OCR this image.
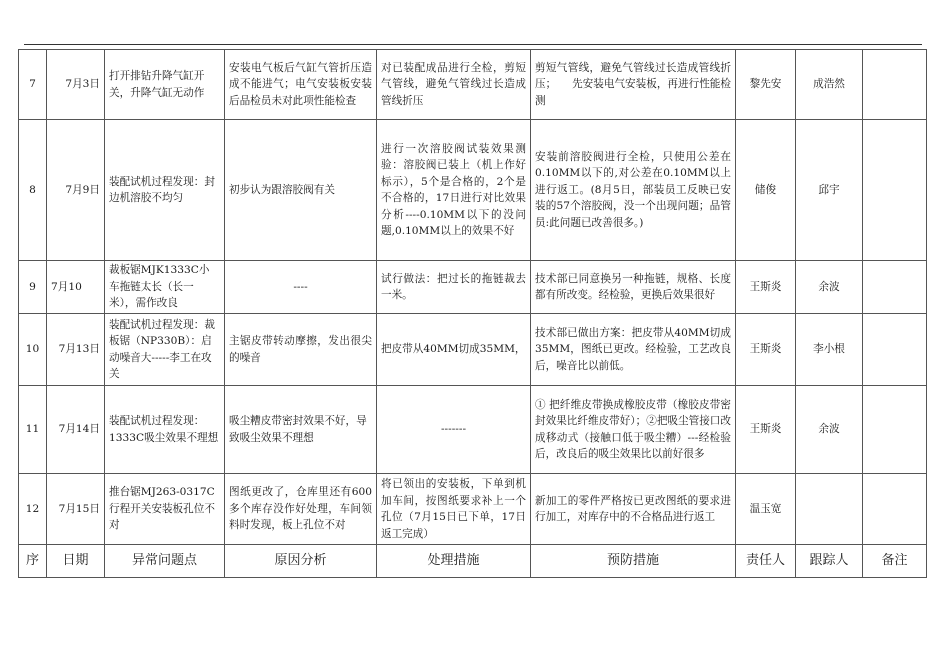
7	7月3日	打开排钻升降气缸开关，升降气缸无动作	安装电气板后气缸气管折压造成不能进气；电气安装板安装后品检员未对此项性能检查	对已装配成品进行全检，剪短气管线，避免气管线过长造成管线折压	剪短气管线，避免气管线过长造成管线折压；　　先安装电气安装板，再进行性能检测	黎先安	成浩然	
8	7月9日	装配试机过程发现：封边机溶胶不均匀	初步认为跟溶胶阀有关	进行一次溶胶阀试装效果测验：溶胶阀已装上（机上作好标示），5个是合格的，2个是不合格的，17日进行对比效果分析----0.10MM以下的没问题,0.10MM以上的效果不好	安装前溶胶阀进行全检，只使用公差在0.10MM以下的,对公差在0.10MM以上进行返工。(8月5日，部装员工反映已安装的57个溶胶阀，没一个出现问题；品管员:此问题已改善很多。)	储俊	邱宇	
9	7月10	裁板锯MJK1333C小车拖链太长（长一米），需作改良	----	试行做法：把过长的拖链裁去一米。	技术部已同意换另一种拖链，规格、长度都有所改变。经检验，更换后效果很好	王斯炎	余波	
10	7月13日	装配试机过程发现：裁板锯（NP330B）：启动噪音大-----李工在攻关	主锯皮带转动摩擦，发出很尖的噪音	把皮带从40MM切成35MM，	技术部已做出方案：把皮带从40MM切成35MM，图纸已更改。经检验，工艺改良后，噪音比以前低。	王斯炎	李小根	
11	7月14日	装配试机过程发现：1333C吸尘效果不理想	吸尘糟皮带密封效果不好，导致吸尘效果不理想	-------	① 把纤维皮带换成橡胶皮带（橡胶皮带密封效果比纤维皮带好）；②把吸尘管接口改成移动式（接触口低于吸尘糟）---经检验后，改良后的吸尘效果比以前好很多	王斯炎	余波	
12	7月15日	推台锯MJ263-0317C行程开关安装板孔位不对	图纸更改了，仓库里还有600多个库存没作好处理，车间领料时发现，板上孔位不对	将已领出的安装板，下单到机加车间，按图纸要求补上一个孔位（7月15日已下单，17日返工完成）	新加工的零件严格按已更改图纸的要求进行加工，对库存中的不合格品进行返工	温玉宽		
序	日期	异常问题点	原因分析	处理措施	预防措施	责任人	跟踪人	备注
